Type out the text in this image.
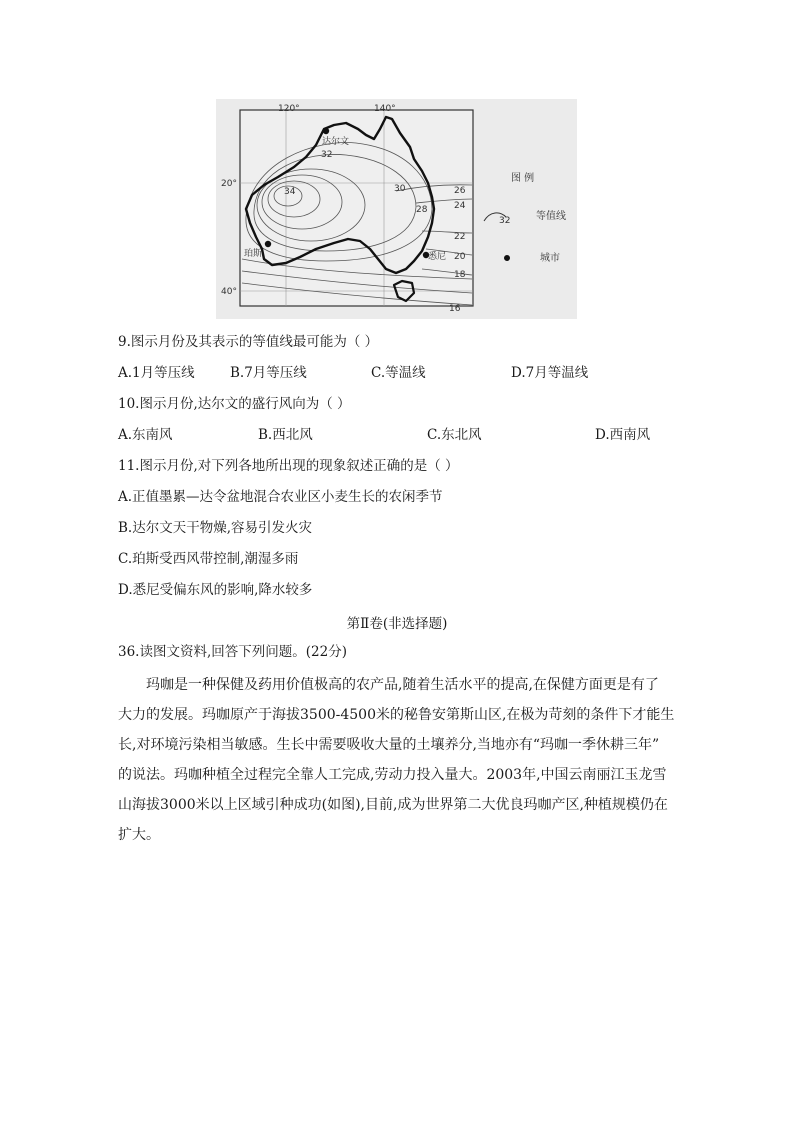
120°	140°
20°
40°
34
32
30
28
26
24
22
20
18
16
达尔文
珀斯	悉尼
图 例
32	等值线
城市
9.图示月份及其表示的等值线最可能为（ ）
A.1月等压线	B.7月等压线	C.等温线	D.7月等温线
10.图示月份,达尔文的盛行风向为（ ）
A.东南风	B.西北风	C.东北风	D.西南风
11.图示月份,对下列各地所出现的现象叙述正确的是（ ）
A.正值墨累—达令盆地混合农业区小麦生长的农闲季节
B.达尔文天干物燥,容易引发火灾
C.珀斯受西风带控制,潮湿多雨
D.悉尼受偏东风的影响,降水较多
第Ⅱ卷(非选择题)
36.读图文资料,回答下列问题。(22分)
玛咖是一种保健及药用价值极高的农产品,随着生活水平的提高,在保健方面更是有了
大力的发展。玛咖原产于海拔3500-4500米的秘鲁安第斯山区,在极为苛刻的条件下才能生
长,对环境污染相当敏感。生长中需要吸收大量的土壤养分,当地亦有“玛咖一季休耕三年”
的说法。玛咖种植全过程完全靠人工完成,劳动力投入量大。2003年,中国云南丽江玉龙雪
山海拔3000米以上区域引种成功(如图),目前,成为世界第二大优良玛咖产区,种植规模仍在
扩大。
